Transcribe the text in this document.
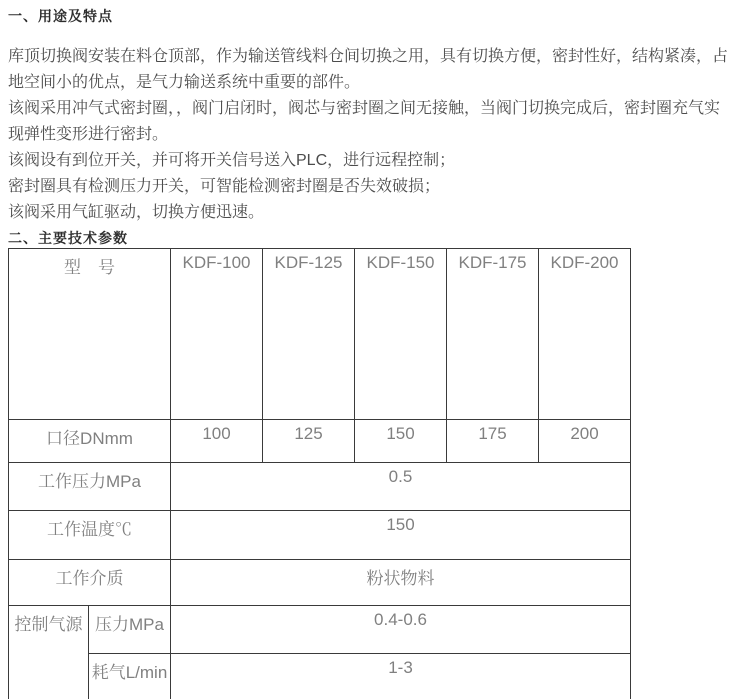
一、用途及特点
库顶切换阀安装在料仓顶部，作为输送管线料仓间切换之用，具有切换方便，密封性好，结构紧凑，占
地空间小的优点，是气力输送系统中重要的部件。
该阀采用冲气式密封圈，，阀门启闭时，阀芯与密封圈之间无接触，当阀门切换完成后，密封圈充气实
现弹性变形进行密封。
该阀设有到位开关，并可将开关信号送入PLC，进行远程控制；
密封圈具有检测压力开关，可智能检测密封圈是否失效破损；
该阀采用气缸驱动，切换方便迅速。
二、主要技术参数
型　号		KDF-100	KDF-125	KDF-150	KDF-175	KDF-200
口径DNmm		100	125	150	175	200
工作压力MPa		0.5				
工作温度℃		150				
工作介质		粉状物料				
控制气源	压力MPa	0.4-0.6				
	耗气L/min	1-3				
